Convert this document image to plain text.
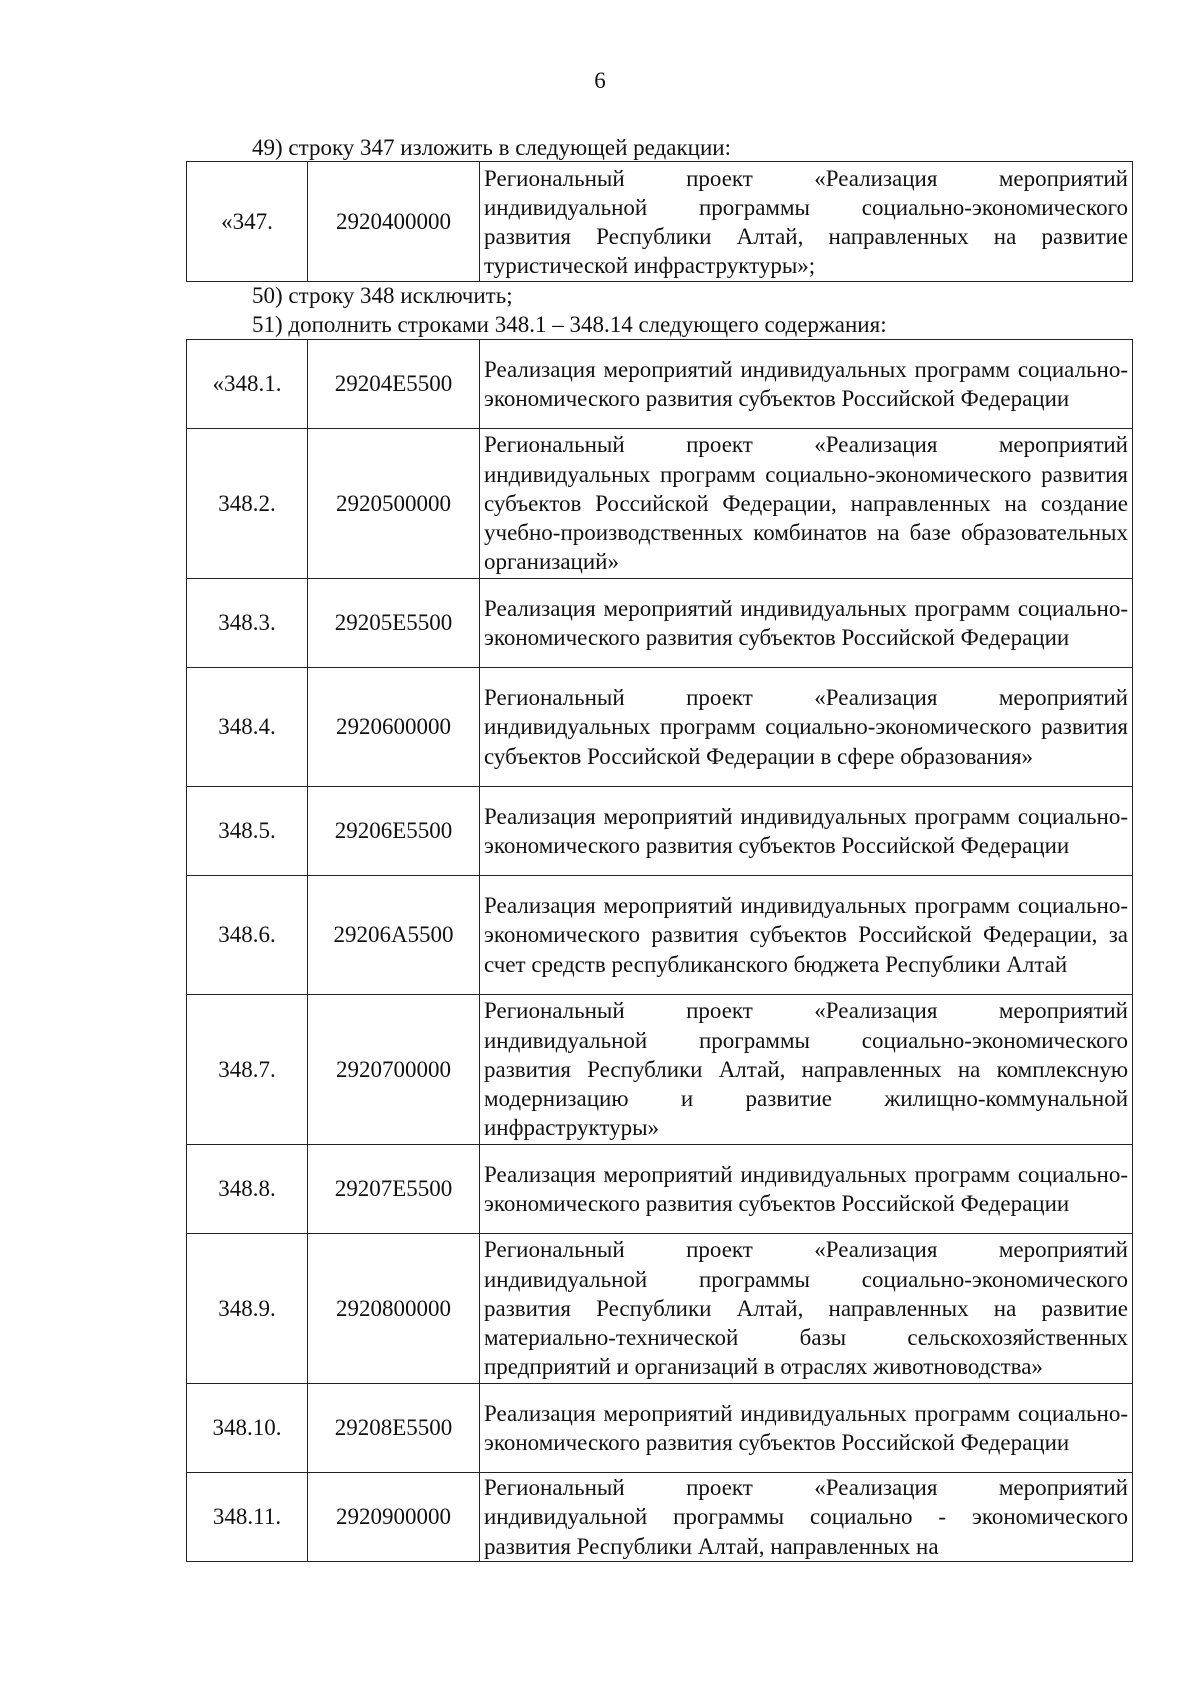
6
49) строку 347 изложить в следующей редакции:
«347.	2920400000	Региональный проект «Реализация мероприятий индивидуальной программы социально-экономического развития Республики Алтай, направленных на развитие туристической инфраструктуры»;
50) строку 348 исключить;
51) дополнить строками 348.1 – 348.14 следующего содержания:
«348.1.	29204E5500	Реализация мероприятий индивидуальных программ социально-экономического развития субъектов Российской Федерации
348.2.	2920500000	Региональный проект «Реализация мероприятий индивидуальных программ социально-экономического развития субъектов Российской Федерации, направленных на создание учебно-производственных комбинатов на базе образовательных организаций»
348.3.	29205E5500	Реализация мероприятий индивидуальных программ социально-экономического развития субъектов Российской Федерации
348.4.	2920600000	Региональный проект «Реализация мероприятий индивидуальных программ социально-экономического развития субъектов Российской Федерации в сфере образования»
348.5.	29206E5500	Реализация мероприятий индивидуальных программ социально-экономического развития субъектов Российской Федерации
348.6.	29206A5500	Реализация мероприятий индивидуальных программ социально-экономического развития субъектов Российской Федерации, за счет средств республиканского бюджета Республики Алтай
348.7.	2920700000	Региональный проект «Реализация мероприятий индивидуальной программы социально-экономического развития Республики Алтай, направленных на комплексную модернизацию и развитие жилищно-коммунальной инфраструктуры»
348.8.	29207E5500	Реализация мероприятий индивидуальных программ социально-экономического развития субъектов Российской Федерации
348.9.	2920800000	Региональный проект «Реализация мероприятий индивидуальной программы социально-экономического развития Республики Алтай, направленных на развитие материально-технической базы сельскохозяйственных предприятий и организаций в отраслях животноводства»
348.10.	29208E5500	Реализация мероприятий индивидуальных программ социально-экономического развития субъектов Российской Федерации
348.11.	2920900000	Региональный проект «Реализация мероприятий индивидуальной программы социально - экономического развития Республики Алтай, направленных на
